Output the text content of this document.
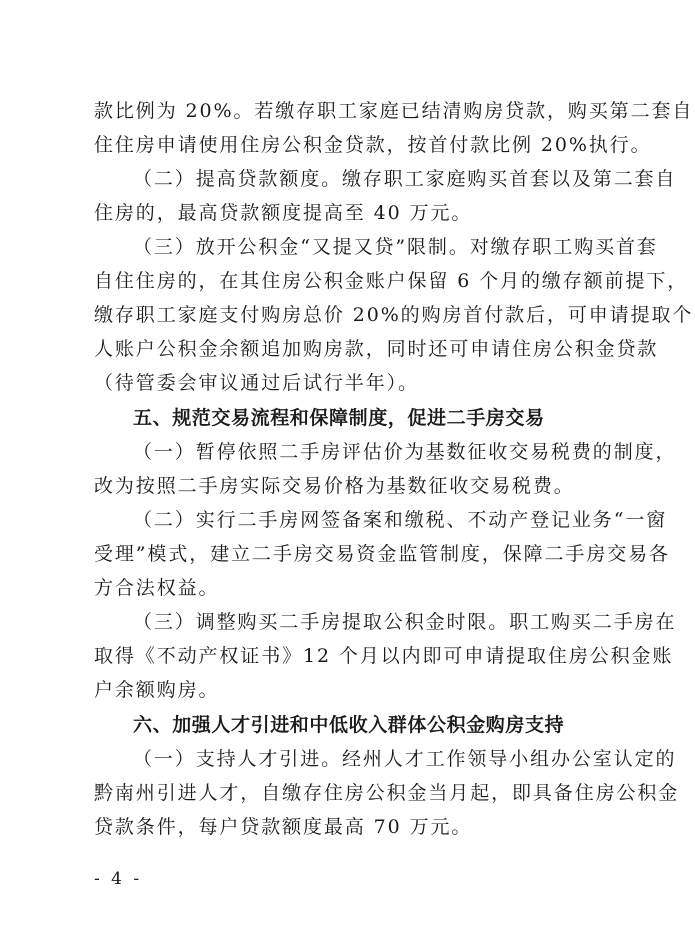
款比例为 20%。若缴存职工家庭已结清购房贷款，购买第二套自
住住房申请使用住房公积金贷款，按首付款比例 20%执行。
（二）提高贷款额度。缴存职工家庭购买首套以及第二套自
住房的，最高贷款额度提高至 40 万元。
（三）放开公积金“又提又贷”限制。对缴存职工购买首套
自住住房的，在其住房公积金账户保留 6 个月的缴存额前提下，
缴存职工家庭支付购房总价 20%的购房首付款后，可申请提取个
人账户公积金余额追加购房款，同时还可申请住房公积金贷款
（待管委会审议通过后试行半年）。
五、规范交易流程和保障制度，促进二手房交易
（一）暂停依照二手房评估价为基数征收交易税费的制度，
改为按照二手房实际交易价格为基数征收交易税费。
（二）实行二手房网签备案和缴税、不动产登记业务“一窗
受理”模式，建立二手房交易资金监管制度，保障二手房交易各
方合法权益。
（三）调整购买二手房提取公积金时限。职工购买二手房在
取得《不动产权证书》12 个月以内即可申请提取住房公积金账
户余额购房。
六、加强人才引进和中低收入群体公积金购房支持
（一）支持人才引进。经州人才工作领导小组办公室认定的
黔南州引进人才，自缴存住房公积金当月起，即具备住房公积金
贷款条件，每户贷款额度最高 70 万元。
- 4 -
